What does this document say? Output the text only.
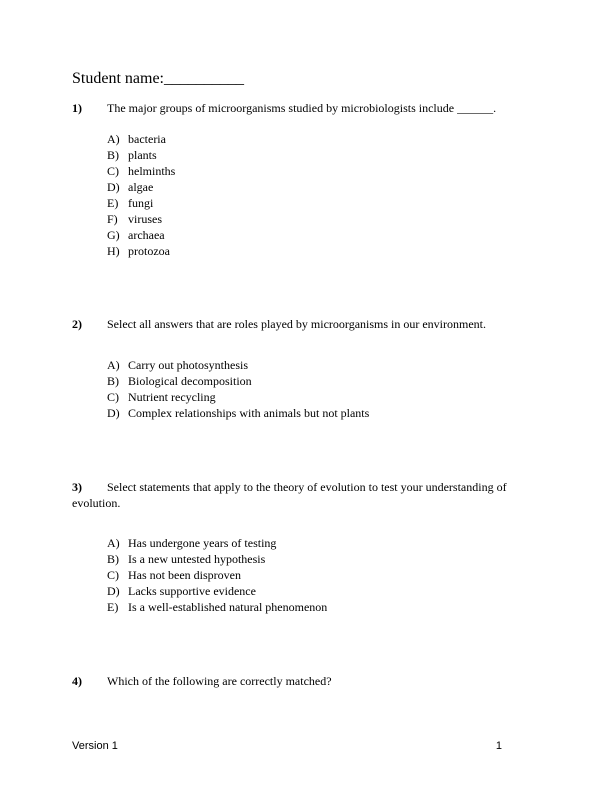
Student name:__________
1) The major groups of microorganisms studied by microbiologists include ______.
A) bacteria
B) plants
C) helminths
D) algae
E) fungi
F) viruses
G) archaea
H) protozoa
2) Select all answers that are roles played by microorganisms in our environment.
A) Carry out photosynthesis
B) Biological decomposition
C) Nutrient recycling
D) Complex relationships with animals but not plants
3) Select statements that apply to the theory of evolution to test your understanding of evolution.
A) Has undergone years of testing
B) Is a new untested hypothesis
C) Has not been disproven
D) Lacks supportive evidence
E) Is a well-established natural phenomenon
4) Which of the following are correctly matched?
Version 1	1
